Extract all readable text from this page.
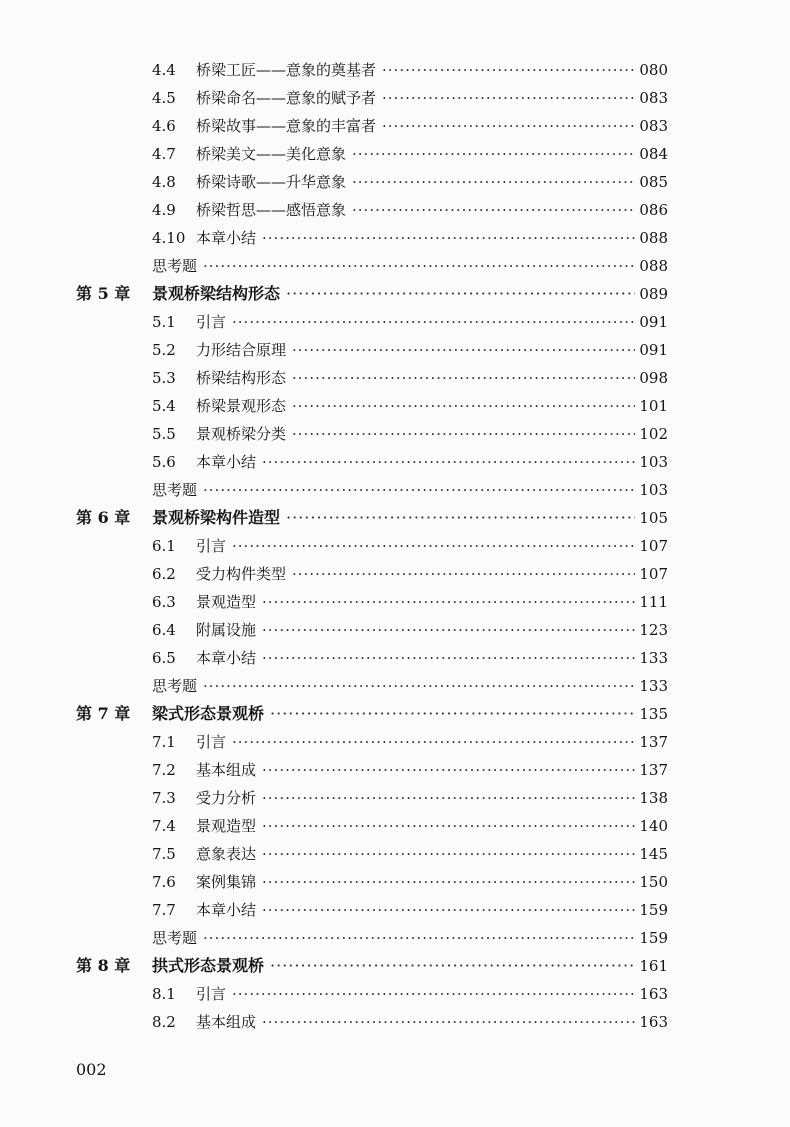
4.4	桥梁工匠——意象的奠基者 ·····	080
4.5	桥梁命名——意象的赋予者 ·····	083
4.6	桥梁故事——意象的丰富者 ·····	083
4.7	桥梁美文——美化意象 ·····	084
4.8	桥梁诗歌——升华意象 ·····	085
4.9	桥梁哲思——感悟意象 ·····	086
4.10 本章小结 ·····	088
思考题 ·····	088
第 5 章	景观桥梁结构形态 ·····	089
5.1	引言 ·····	091
5.2	力形结合原理 ·····	091
5.3	桥梁结构形态 ·····	098
5.4	桥梁景观形态 ·····	101
5.5	景观桥梁分类 ·····	102
5.6	本章小结 ·····	103
思考题 ·····	103
第 6 章	景观桥梁构件造型 ·····	105
6.1	引言 ·····	107
6.2	受力构件类型 ·····	107
6.3	景观造型 ·····	111
6.4	附属设施 ·····	123
6.5	本章小结 ·····	133
思考题 ·····	133
第 7 章	梁式形态景观桥 ·····	135
7.1	引言 ·····	137
7.2	基本组成 ·····	137
7.3	受力分析 ·····	138
7.4	景观造型 ·····	140
7.5	意象表达 ·····	145
7.6	案例集锦 ·····	150
7.7	本章小结 ·····	159
思考题 ·····	159
第 8 章	拱式形态景观桥 ·····	161
8.1	引言 ·····	163
8.2	基本组成 ·····	163
002
